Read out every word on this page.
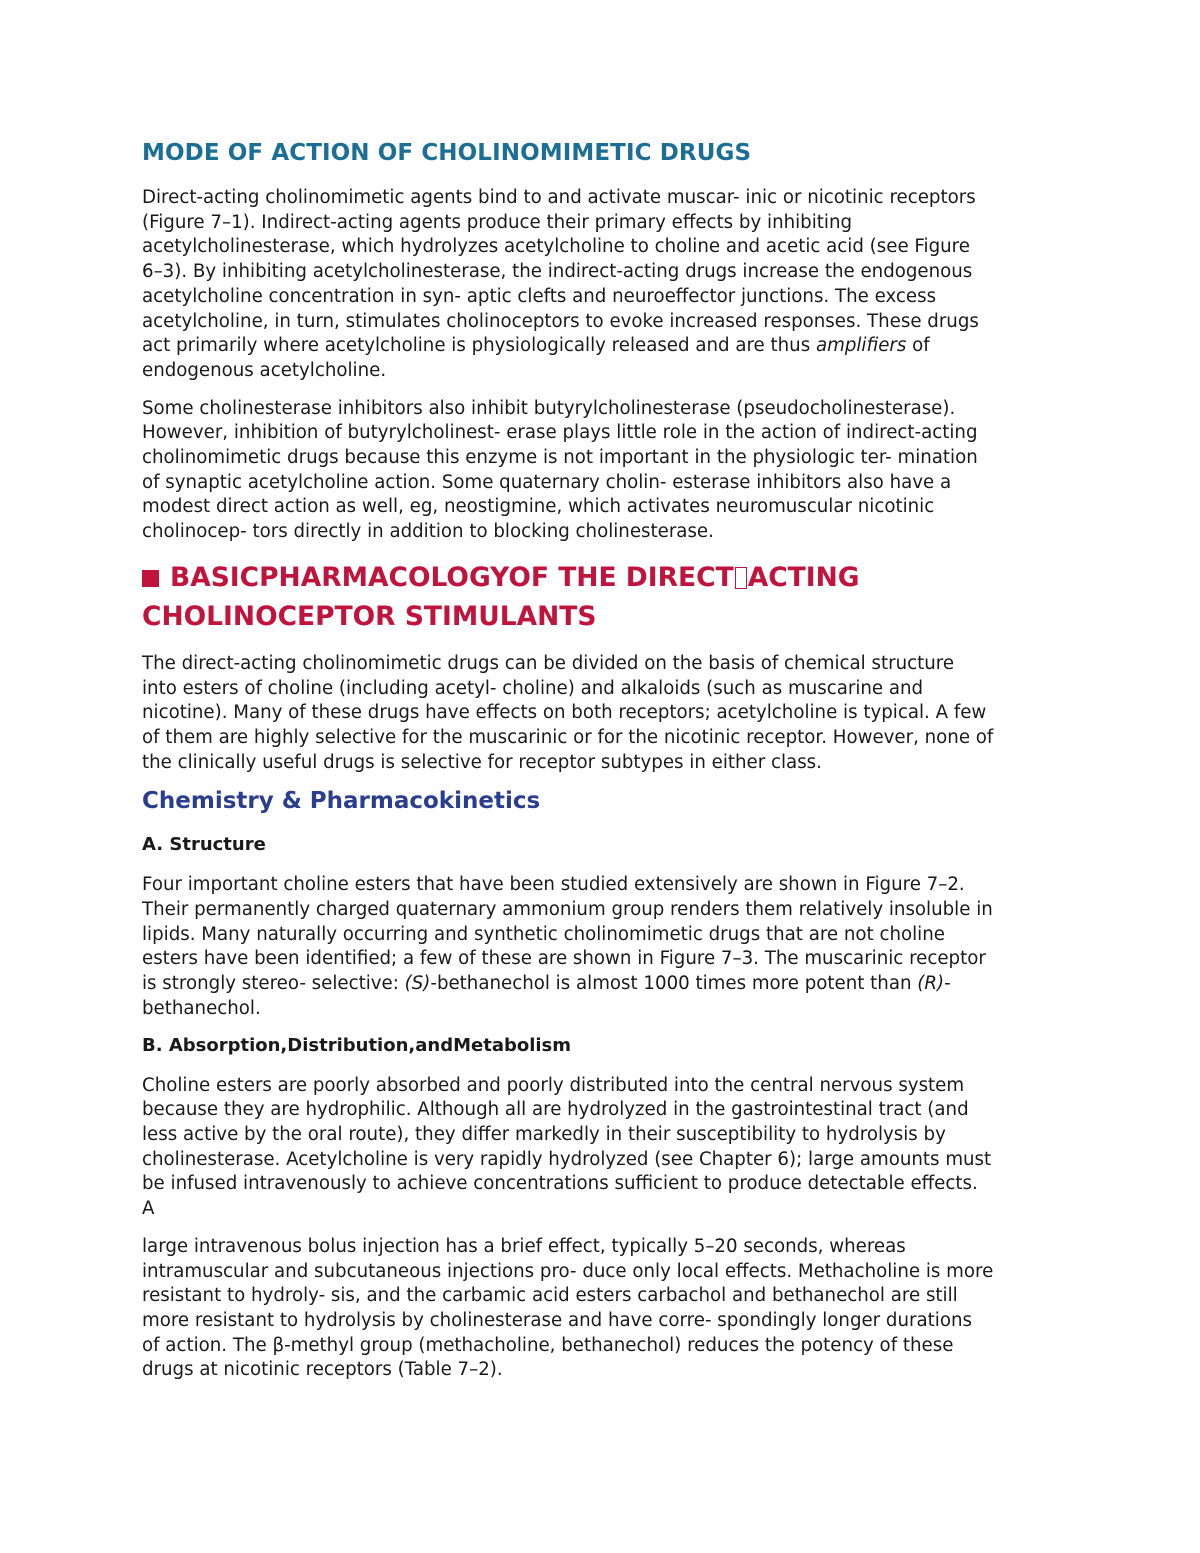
MODE OF ACTION OF CHOLINOMIMETIC DRUGS

Direct-acting cholinomimetic agents bind to and activate muscar- inic or nicotinic receptors
(Figure 7–1). Indirect-acting agents produce their primary effects by inhibiting
acetylcholinesterase, which hydrolyzes acetylcholine to choline and acetic acid (see Figure
6–3). By inhibiting acetylcholinesterase, the indirect-acting drugs increase the endogenous
acetylcholine concentration in syn- aptic clefts and neuroeffector junctions. The excess
acetylcholine, in turn, stimulates cholinoceptors to evoke increased responses. These drugs
act primarily where acetylcholine is physiologically released and are thus amplifiers of
endogenous acetylcholine.

Some cholinesterase inhibitors also inhibit butyrylcholinesterase (pseudocholinesterase).
However, inhibition of butyrylcholinest- erase plays little role in the action of indirect-acting
cholinomimetic drugs because this enzyme is not important in the physiologic ter- mination
of synaptic acetylcholine action. Some quaternary cholin- esterase inhibitors also have a
modest direct action as well, eg, neostigmine, which activates neuromuscular nicotinic
cholinocep- tors directly in addition to blocking cholinesterase.

BASICPHARMACOLOGYOF THE DIRECT ACTING
CHOLINOCEPTOR STIMULANTS

The direct-acting cholinomimetic drugs can be divided on the basis of chemical structure
into esters of choline (including acetyl- choline) and alkaloids (such as muscarine and
nicotine). Many of these drugs have effects on both receptors; acetylcholine is typical. A few
of them are highly selective for the muscarinic or for the nicotinic receptor. However, none of
the clinically useful drugs is selective for receptor subtypes in either class.

Chemistry & Pharmacokinetics
A. Structure

Four important choline esters that have been studied extensively are shown in Figure 7–2.
Their permanently charged quaternary ammonium group renders them relatively insoluble in
lipids. Many naturally occurring and synthetic cholinomimetic drugs that are not choline
esters have been identified; a few of these are shown in Figure 7–3. The muscarinic receptor
is strongly stereo- selective: (S)-bethanechol is almost 1000 times more potent than (R)-
bethanechol.

B. Absorption,Distribution,andMetabolism

Choline esters are poorly absorbed and poorly distributed into the central nervous system
because they are hydrophilic. Although all are hydrolyzed in the gastrointestinal tract (and
less active by the oral route), they differ markedly in their susceptibility to hydrolysis by
cholinesterase. Acetylcholine is very rapidly hydrolyzed (see Chapter 6); large amounts must
be infused intravenously to achieve concentrations sufficient to produce detectable effects.
A

large intravenous bolus injection has a brief effect, typically 5–20 seconds, whereas
intramuscular and subcutaneous injections pro- duce only local effects. Methacholine is more
resistant to hydroly- sis, and the carbamic acid esters carbachol and bethanechol are still
more resistant to hydrolysis by cholinesterase and have corre- spondingly longer durations
of action. The β-methyl group (methacholine, bethanechol) reduces the potency of these
drugs at nicotinic receptors (Table 7–2).
